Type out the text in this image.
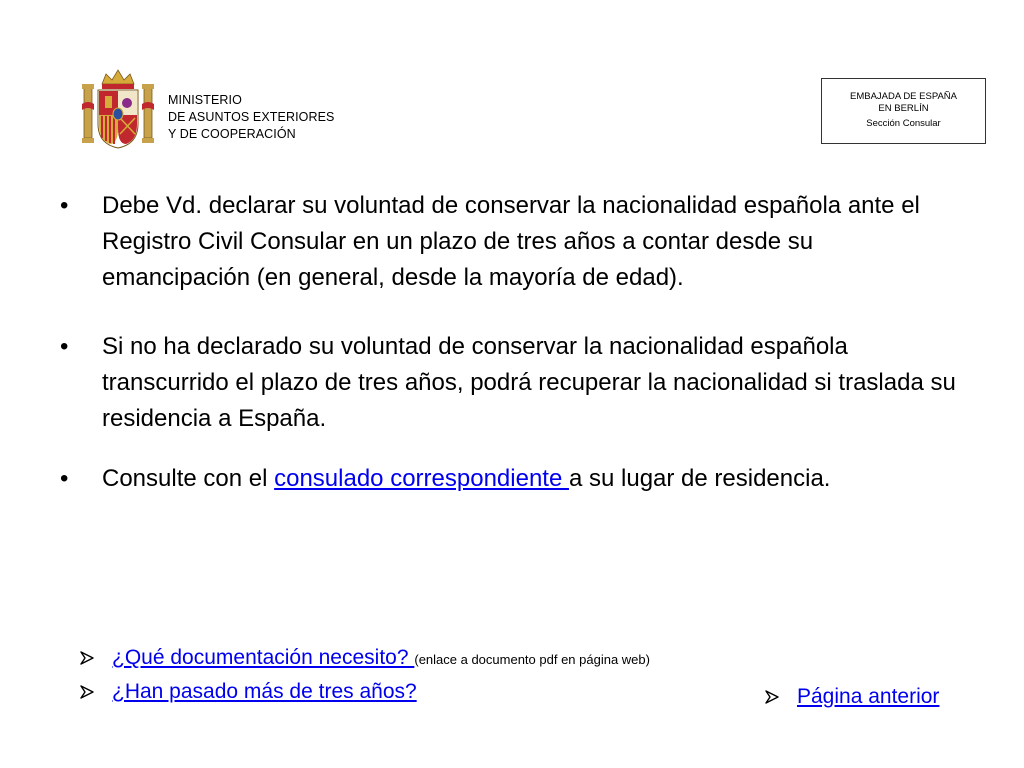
MINISTERIO
DE ASUNTOS EXTERIORES
Y DE COOPERACIÓN
EMBAJADA DE ESPAÑA
EN BERLÍN
Sección Consular
• Debe Vd. declarar su voluntad de conservar la nacionalidad española ante el Registro Civil Consular en un plazo de tres años a contar desde su emancipación (en general, desde la mayoría de edad).
• Si no ha declarado su voluntad de conservar la nacionalidad española transcurrido el plazo de tres años, podrá recuperar la nacionalidad si traslada su residencia a España.
• Consulte con el consulado correspondiente a su lugar de residencia.
¿Qué documentación necesito? (enlace a documento pdf en página web)
¿Han pasado más de tres años?	Página anterior
